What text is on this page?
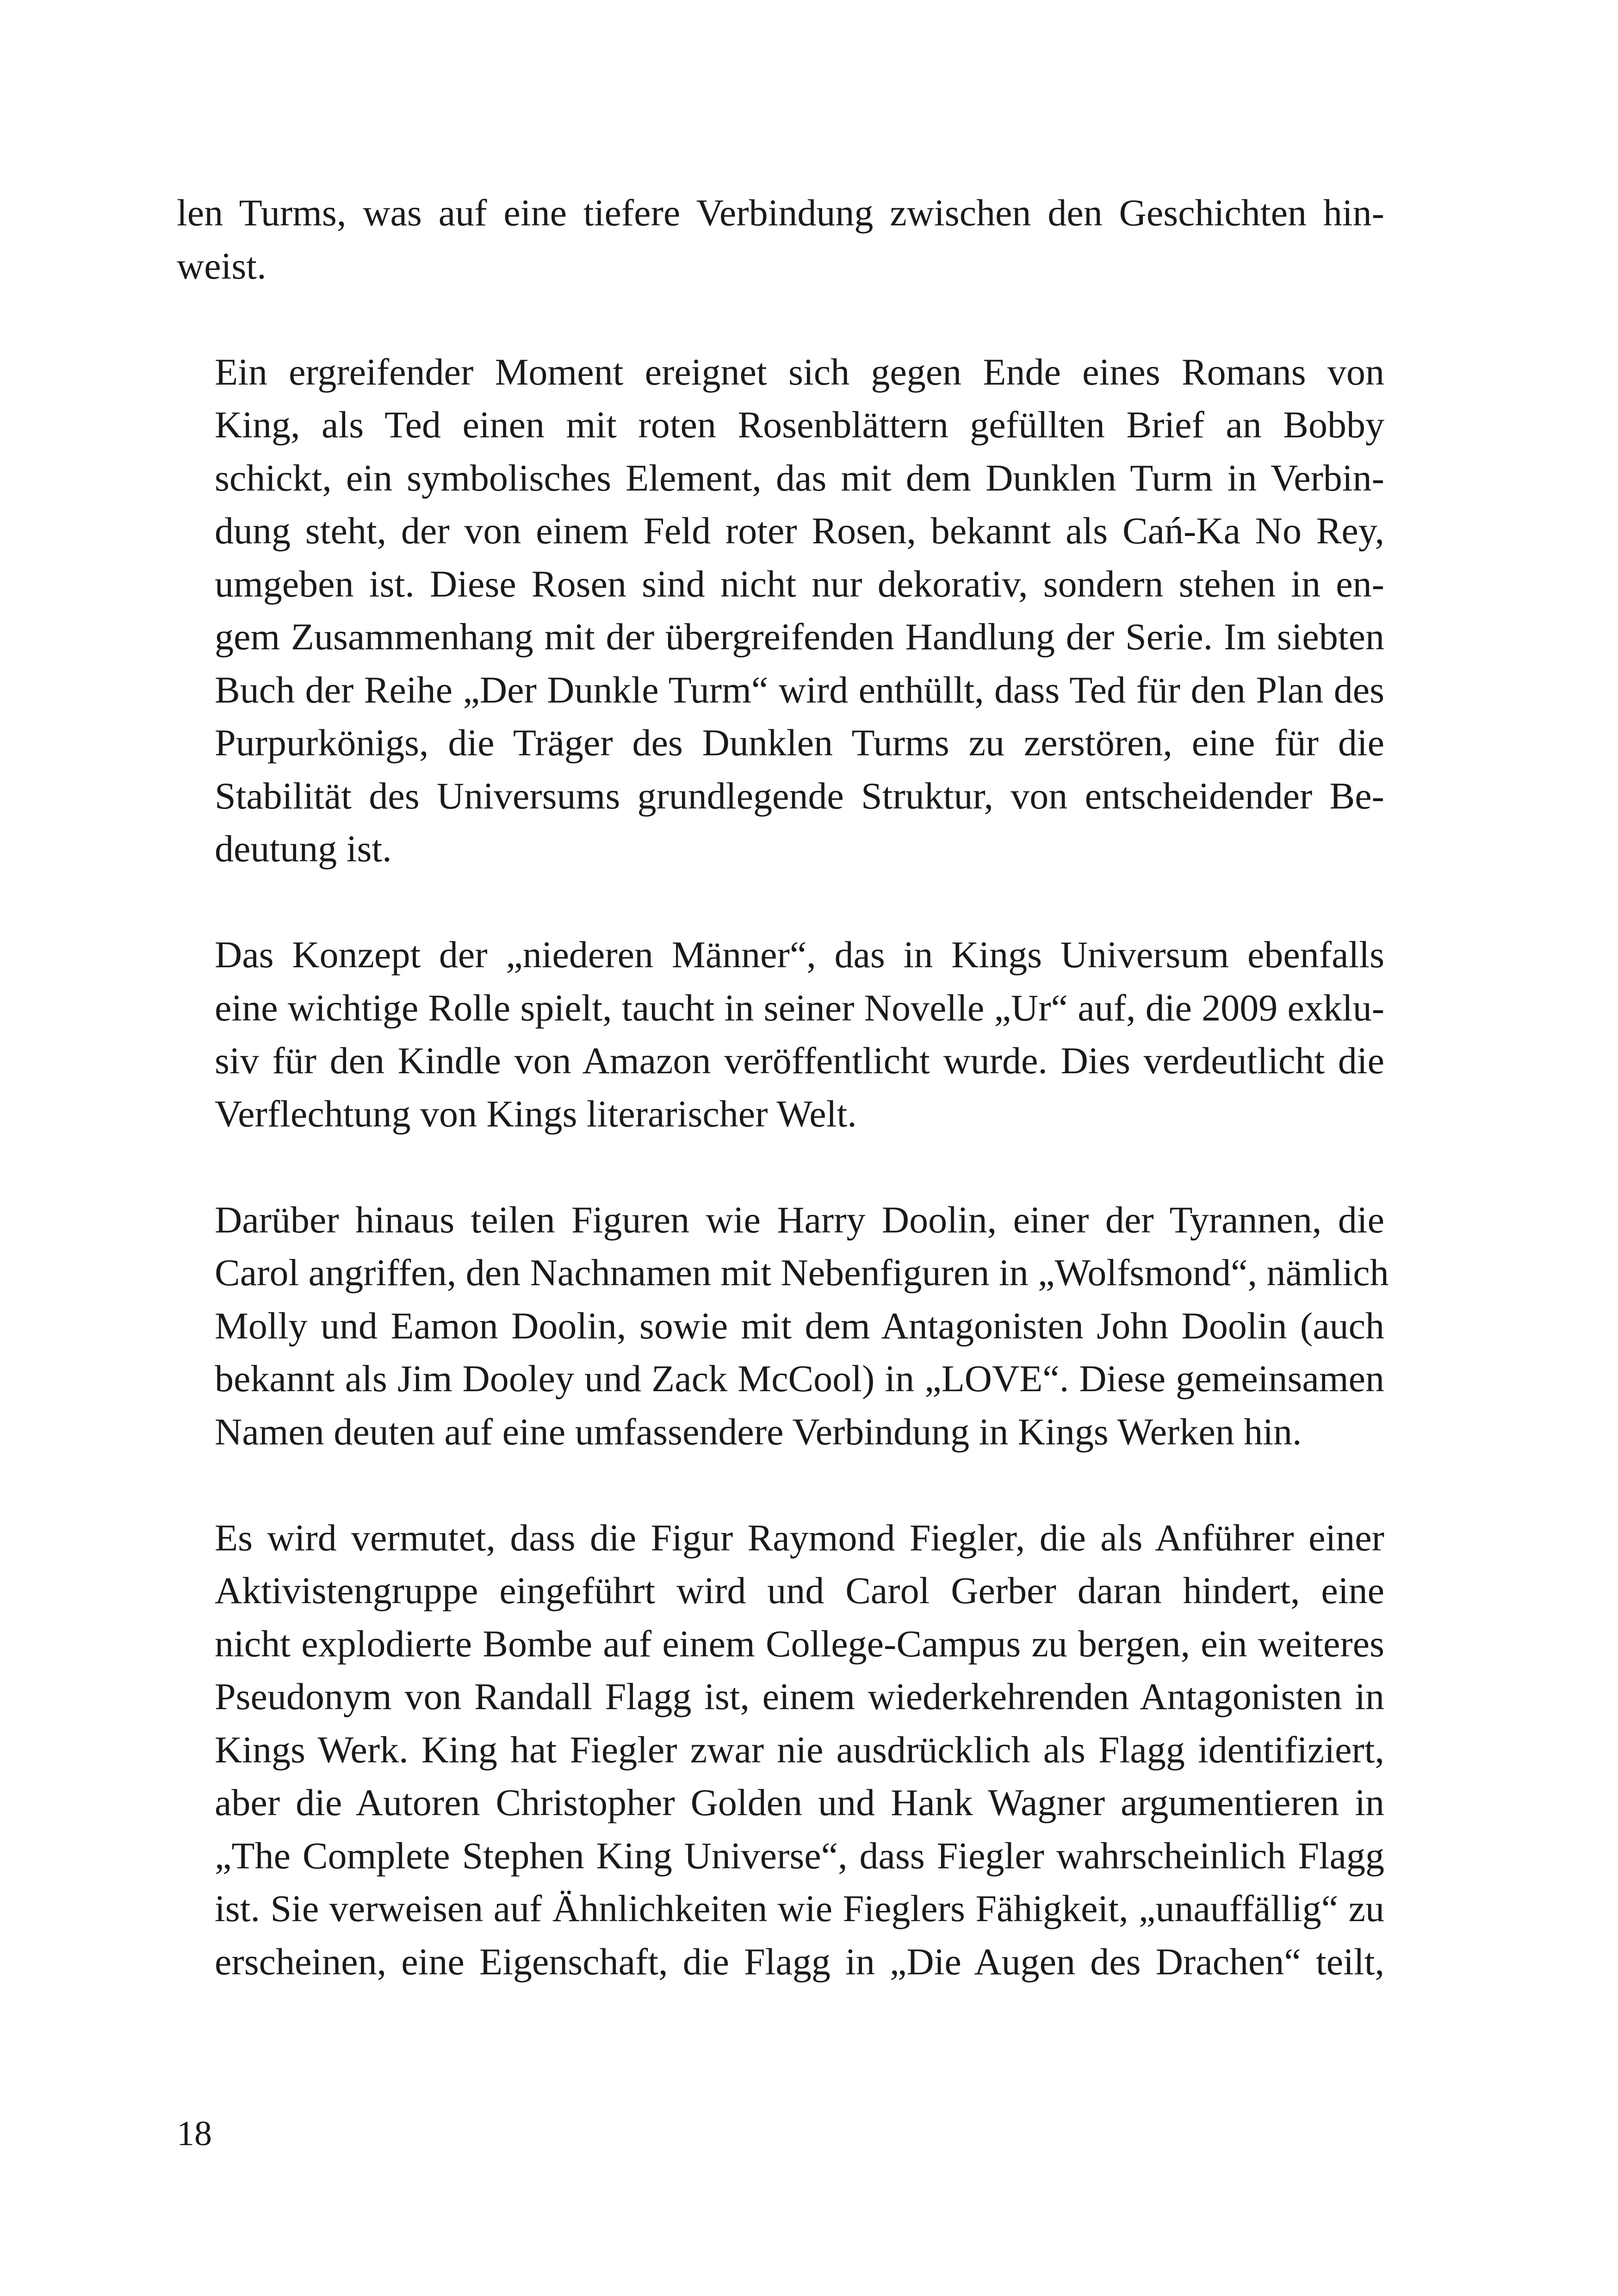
len Turms, was auf eine tiefere Verbindung zwischen den Geschichten hin-
weist.

Ein ergreifender Moment ereignet sich gegen Ende eines Romans von
King, als Ted einen mit roten Rosenblättern gefüllten Brief an Bobby
schickt, ein symbolisches Element, das mit dem Dunklen Turm in Verbin-
dung steht, der von einem Feld roter Rosen, bekannt als Cań-Ka No Rey,
umgeben ist. Diese Rosen sind nicht nur dekorativ, sondern stehen in en-
gem Zusammenhang mit der übergreifenden Handlung der Serie. Im siebten
Buch der Reihe „Der Dunkle Turm“ wird enthüllt, dass Ted für den Plan des
Purpurkönigs, die Träger des Dunklen Turms zu zerstören, eine für die
Stabilität des Universums grundlegende Struktur, von entscheidender Be-
deutung ist.

Das Konzept der „niederen Männer“, das in Kings Universum ebenfalls
eine wichtige Rolle spielt, taucht in seiner Novelle „Ur“ auf, die 2009 exklu-
siv für den Kindle von Amazon veröffentlicht wurde. Dies verdeutlicht die
Verflechtung von Kings literarischer Welt.

Darüber hinaus teilen Figuren wie Harry Doolin, einer der Tyrannen, die
Carol angriffen, den Nachnamen mit Nebenfiguren in „Wolfsmond“, nämlich
Molly und Eamon Doolin, sowie mit dem Antagonisten John Doolin (auch
bekannt als Jim Dooley und Zack McCool) in „LOVE“. Diese gemeinsamen
Namen deuten auf eine umfassendere Verbindung in Kings Werken hin.

Es wird vermutet, dass die Figur Raymond Fiegler, die als Anführer einer
Aktivistengruppe eingeführt wird und Carol Gerber daran hindert, eine
nicht explodierte Bombe auf einem College-Campus zu bergen, ein weiteres
Pseudonym von Randall Flagg ist, einem wiederkehrenden Antagonisten in
Kings Werk. King hat Fiegler zwar nie ausdrücklich als Flagg identifiziert,
aber die Autoren Christopher Golden und Hank Wagner argumentieren in
„The Complete Stephen King Universe“, dass Fiegler wahrscheinlich Flagg
ist. Sie verweisen auf Ähnlichkeiten wie Fieglers Fähigkeit, „unauffällig“ zu
erscheinen, eine Eigenschaft, die Flagg in „Die Augen des Drachen“ teilt,

18
